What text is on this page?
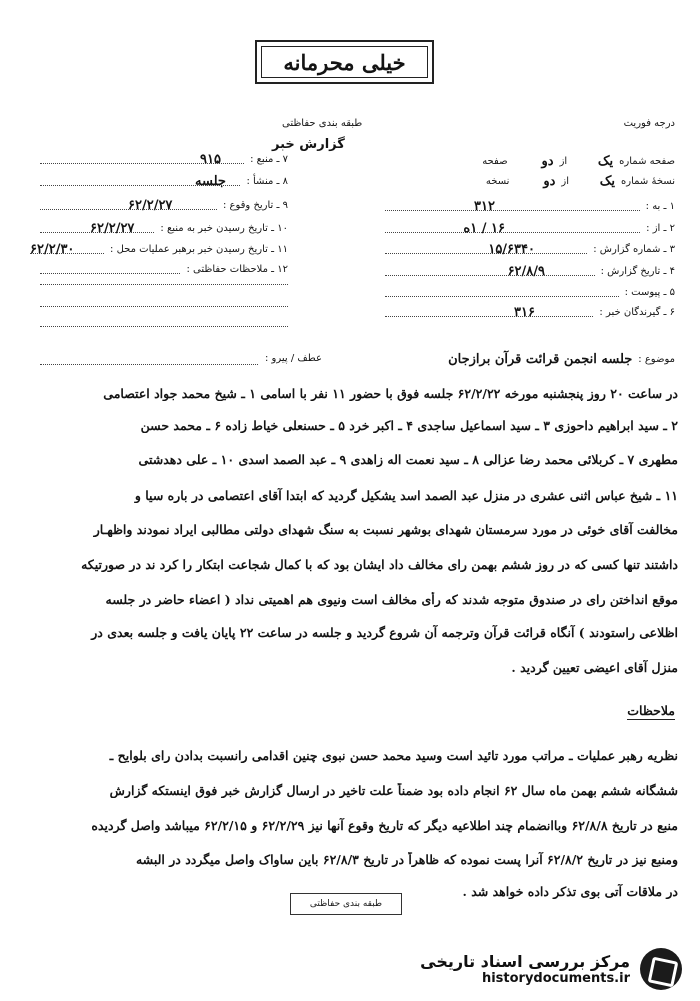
خیلی محرمانه
طبقه بندی حفاظتی	درجه فوریت
گزارش خبر
۷ ـ منبع :
۹۱۵
۸ ـ منشأ :
جلسه
۹ ـ تاریخ وقوع :
۶۲/۲/۲۷
۱۰ ـ تاریخ رسیدن خبر به منبع :
۶۲/۲/۲۷
۱۱ ـ تاریخ رسیدن خبر برهبر عملیات محل :
۶۲/۲/۳۰
۱۲ ـ ملاحظات حفاظتی :
صفحه شماره
یک
از
دو
صفحه
نسخهٔ شماره
یک
از
دو
نسخه
۱ ـ به :
۳۱۲
۲ ـ از :
۱۶ / ۱ه
۳ ـ شماره گزارش :
۱۵/۶۳۴۰
۴ ـ تاریخ گزارش :
۶۲/۸/۹
۵ ـ پیوست :
۶ ـ گیرندگان خبر :
۳۱۶
موضوع :
جلسه انجمن قرائت قرآن برازجان
عطف / پیرو :
در ساعت ۲۰ روز پنجشنبه مورخه ۶۲/۲/۲۲ جلسه فوق با حضور ۱۱ نفر با اسامی ۱ ـ شیخ محمد جواد اعتصامی
۲ ـ سید ابراهیم داحوزی ۳ ـ سید اسماعیل ساجدی ۴ ـ اکبر خرد ۵ ـ حسنعلی خیاط زاده ۶ ـ محمد حسن
مطهری ۷ ـ کربلائی محمد رضا عزالی ۸ ـ سید نعمت اله زاهدی ۹ ـ عبد الصمد اسدی ۱۰ ـ علی دهدشتی
۱۱ ـ شیخ عباس اثنی عشری در منزل عبد الصمد اسد یشکیل گردید که ابتدا آقای اعتصامی در باره سیا و
مخالفت آقای خوئی در مورد سرمستان شهدای بوشهر نسبت به سنگ شهدای دولتی مطالبی ایراد نمودند واظهـار
داشتند تنها کسی که در روز ششم بهمن رای مخالف داد ایشان بود که با کمال شجاعت ابتکار را کرد ند در صورتیکه
موقع انداختن رای در صندوق متوجه شدند که رأی مخالف است ونیوی هم اهمیتی نداد ( اعضاء حاضر در جلسه
اظلاعی راستودند ) آنگاه قرائت قرآن وترجمه آن شروع گردید و جلسه در ساعت ۲۲ پایان یافت و جلسه بعدی در
منزل آقای اعیضی تعیین گردید .
ملاحظات
نظریه رهبر عملیات ـ مراتب مورد تائید است وسید محمد حسن نبوی چنین اقدامی رانسبت بدادن رای بلوایح ـ
ششگانه ششم بهمن ماه سال ۶۲ انجام داده بود ضمناً علت تاخیر در ارسال گزارش خبر فوق اینستکه گزارش
منبع در تاریخ ۶۲/۸/۸ وباانضمام چند اطلاعیه دیگر که تاریخ وقوع آنها نیز ۶۲/۲/۲۹ و ۶۲/۲/۱۵ میباشد واصل گردیده
ومنبع نیز در تاریخ ۶۲/۸/۲ آنرا پست نموده که ظاهراً در تاریخ ۶۲/۸/۳ باین ساواک واصل میگردد در البشه
در ملاقات آتی بوی تذکر داده خواهد شد .
طبقه بندی حفاظتی
مرکز بررسی اسناد تاریخی
historydocuments.ir
